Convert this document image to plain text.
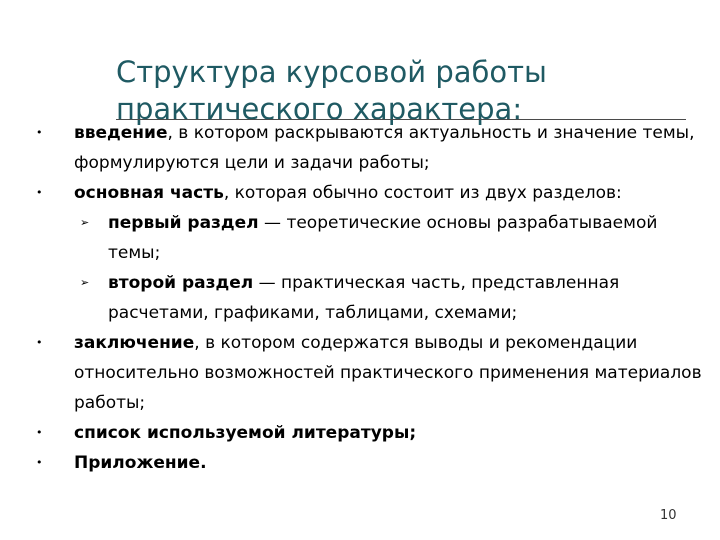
Структура курсовой работы
практического характера:
•	введение, в котором раскрываются актуальность и значение темы, формулируются цели и задачи работы;
•	основная часть, которая обычно состоит из двух разделов:
➢ первый раздел — теоретические основы разрабатываемой темы;
➢ второй раздел — практическая часть, представленная расчетами, графиками, таблицами, схемами;
•	заключение, в котором содержатся выводы и рекомендации относительно возможностей практического применения материалов работы;
•	список используемой литературы;
•	Приложение.
10
